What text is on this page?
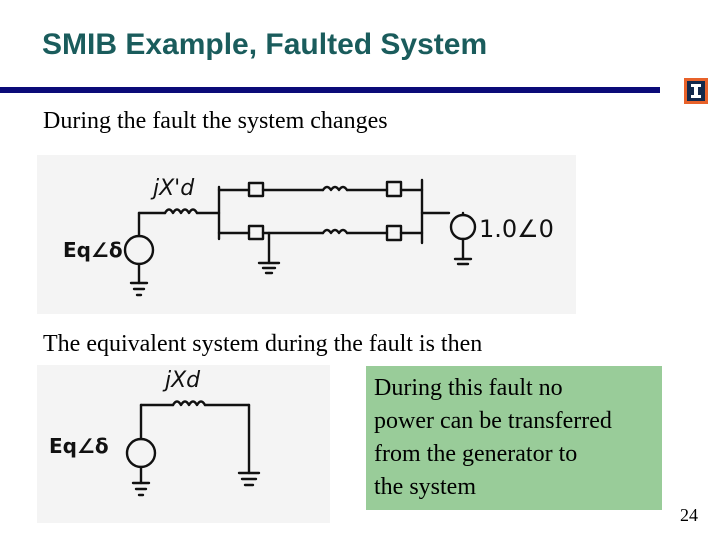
SMIB Example, Faulted System
During the fault the system changes
jX'd
Eq∠δ
1.0∠0
The equivalent system during the fault is then
jXd
Eq∠δ
During this fault no
power can be transferred
from the generator to
the system
24
